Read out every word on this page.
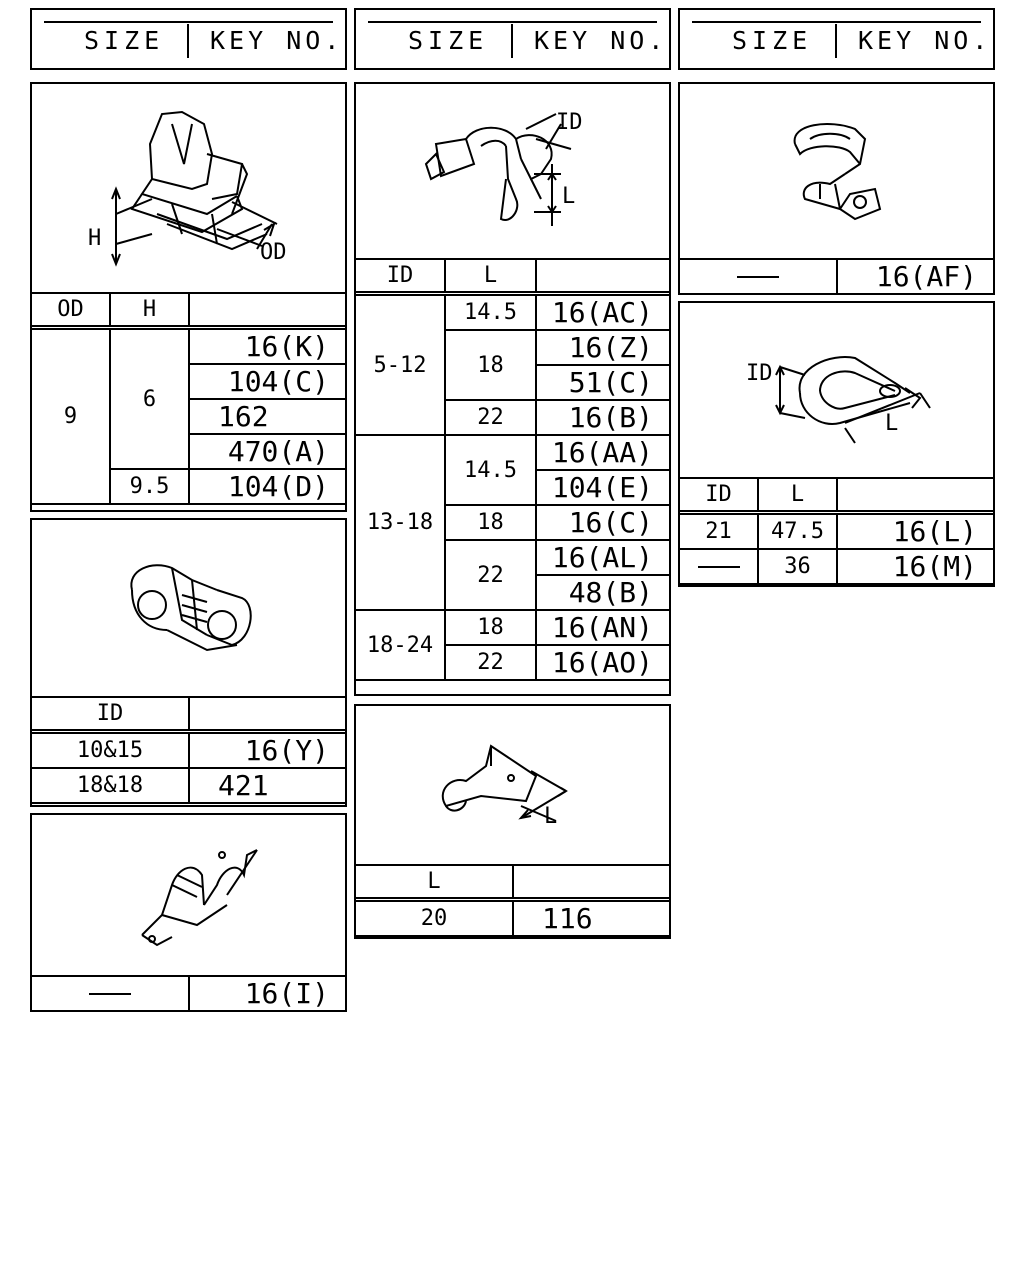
SIZE KEY NO.	SIZE KEY NO.	SIZE KEY NO.
H
OD
OD	H	
9	6	16(K)
		104(C)
		162
		470(A)
	9.5	104(D)
ID	
10&15	16(Y)
18&18	421
	16(I)
ID
L
ID	L	
5-12	14.5	16(AC)
	18	16(Z)
		51(C)
	22	16(B)
13-18	14.5	16(AA)
		104(E)
	18	16(C)
	22	16(AL)
		48(B)
18-24	18	16(AN)
	22	16(AO)
L
L	
20	116
	16(AF)
ID
L
ID	L	
21	47.5	16(L)
	36	16(M)
